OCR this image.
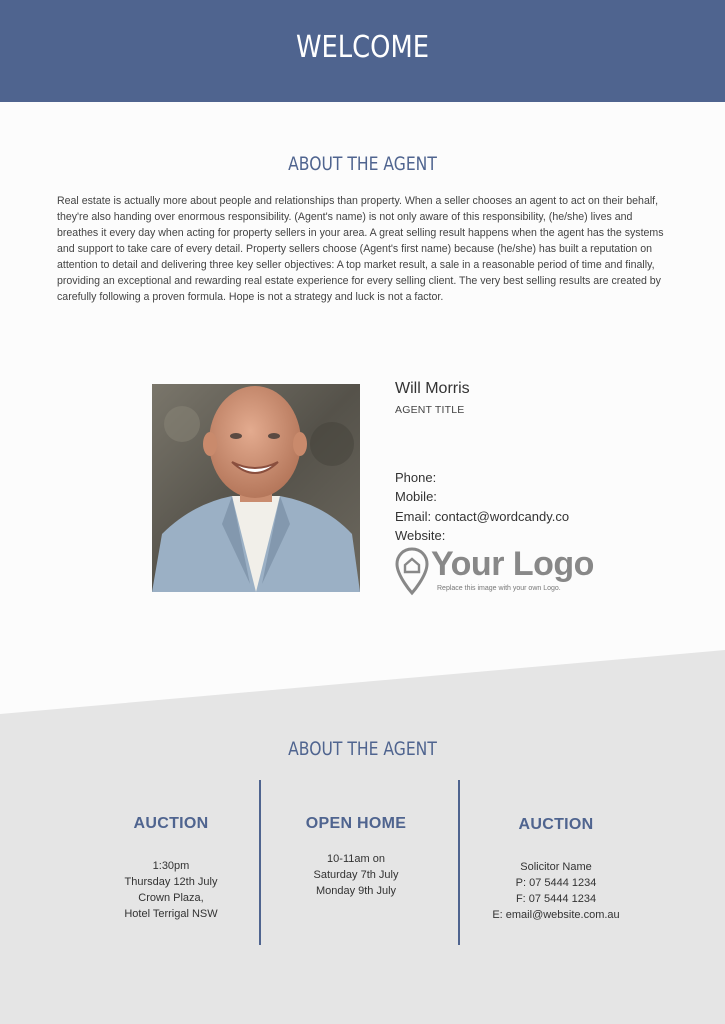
WELCOME
ABOUT THE AGENT

Real estate is actually more about people and relationships than property. When a seller chooses an agent to act on their behalf, they're also handing over enormous responsibility. (Agent's name) is not only aware of this responsibility, (he/she) lives and breathes it every day when acting for property sellers in your area. A great selling result happens when the agent has the systems and support to take care of every detail. Property sellers choose (Agent's first name) because (he/she) has built a reputation on attention to detail and delivering three key seller objectives: A top market result, a sale in a reasonable period of time and finally, providing an exceptional and rewarding real estate experience for every selling client. The very best selling results are created by carefully following a proven formula. Hope is not a strategy and luck is not a factor.

Will Morris
AGENT TITLE
Phone:
Mobile:
Email: contact@wordcandy.co
Website:
Your Logo
Replace this image with your own Logo.
ABOUT THE AGENT
AUCTION
1:30pm
Thursday 12th July
Crown Plaza,
Hotel Terrigal NSW
OPEN HOME
10-11am on
Saturday 7th July
Monday 9th July
AUCTION
Solicitor Name
P: 07 5444 1234
F: 07 5444 1234
E: email@website.com.au
